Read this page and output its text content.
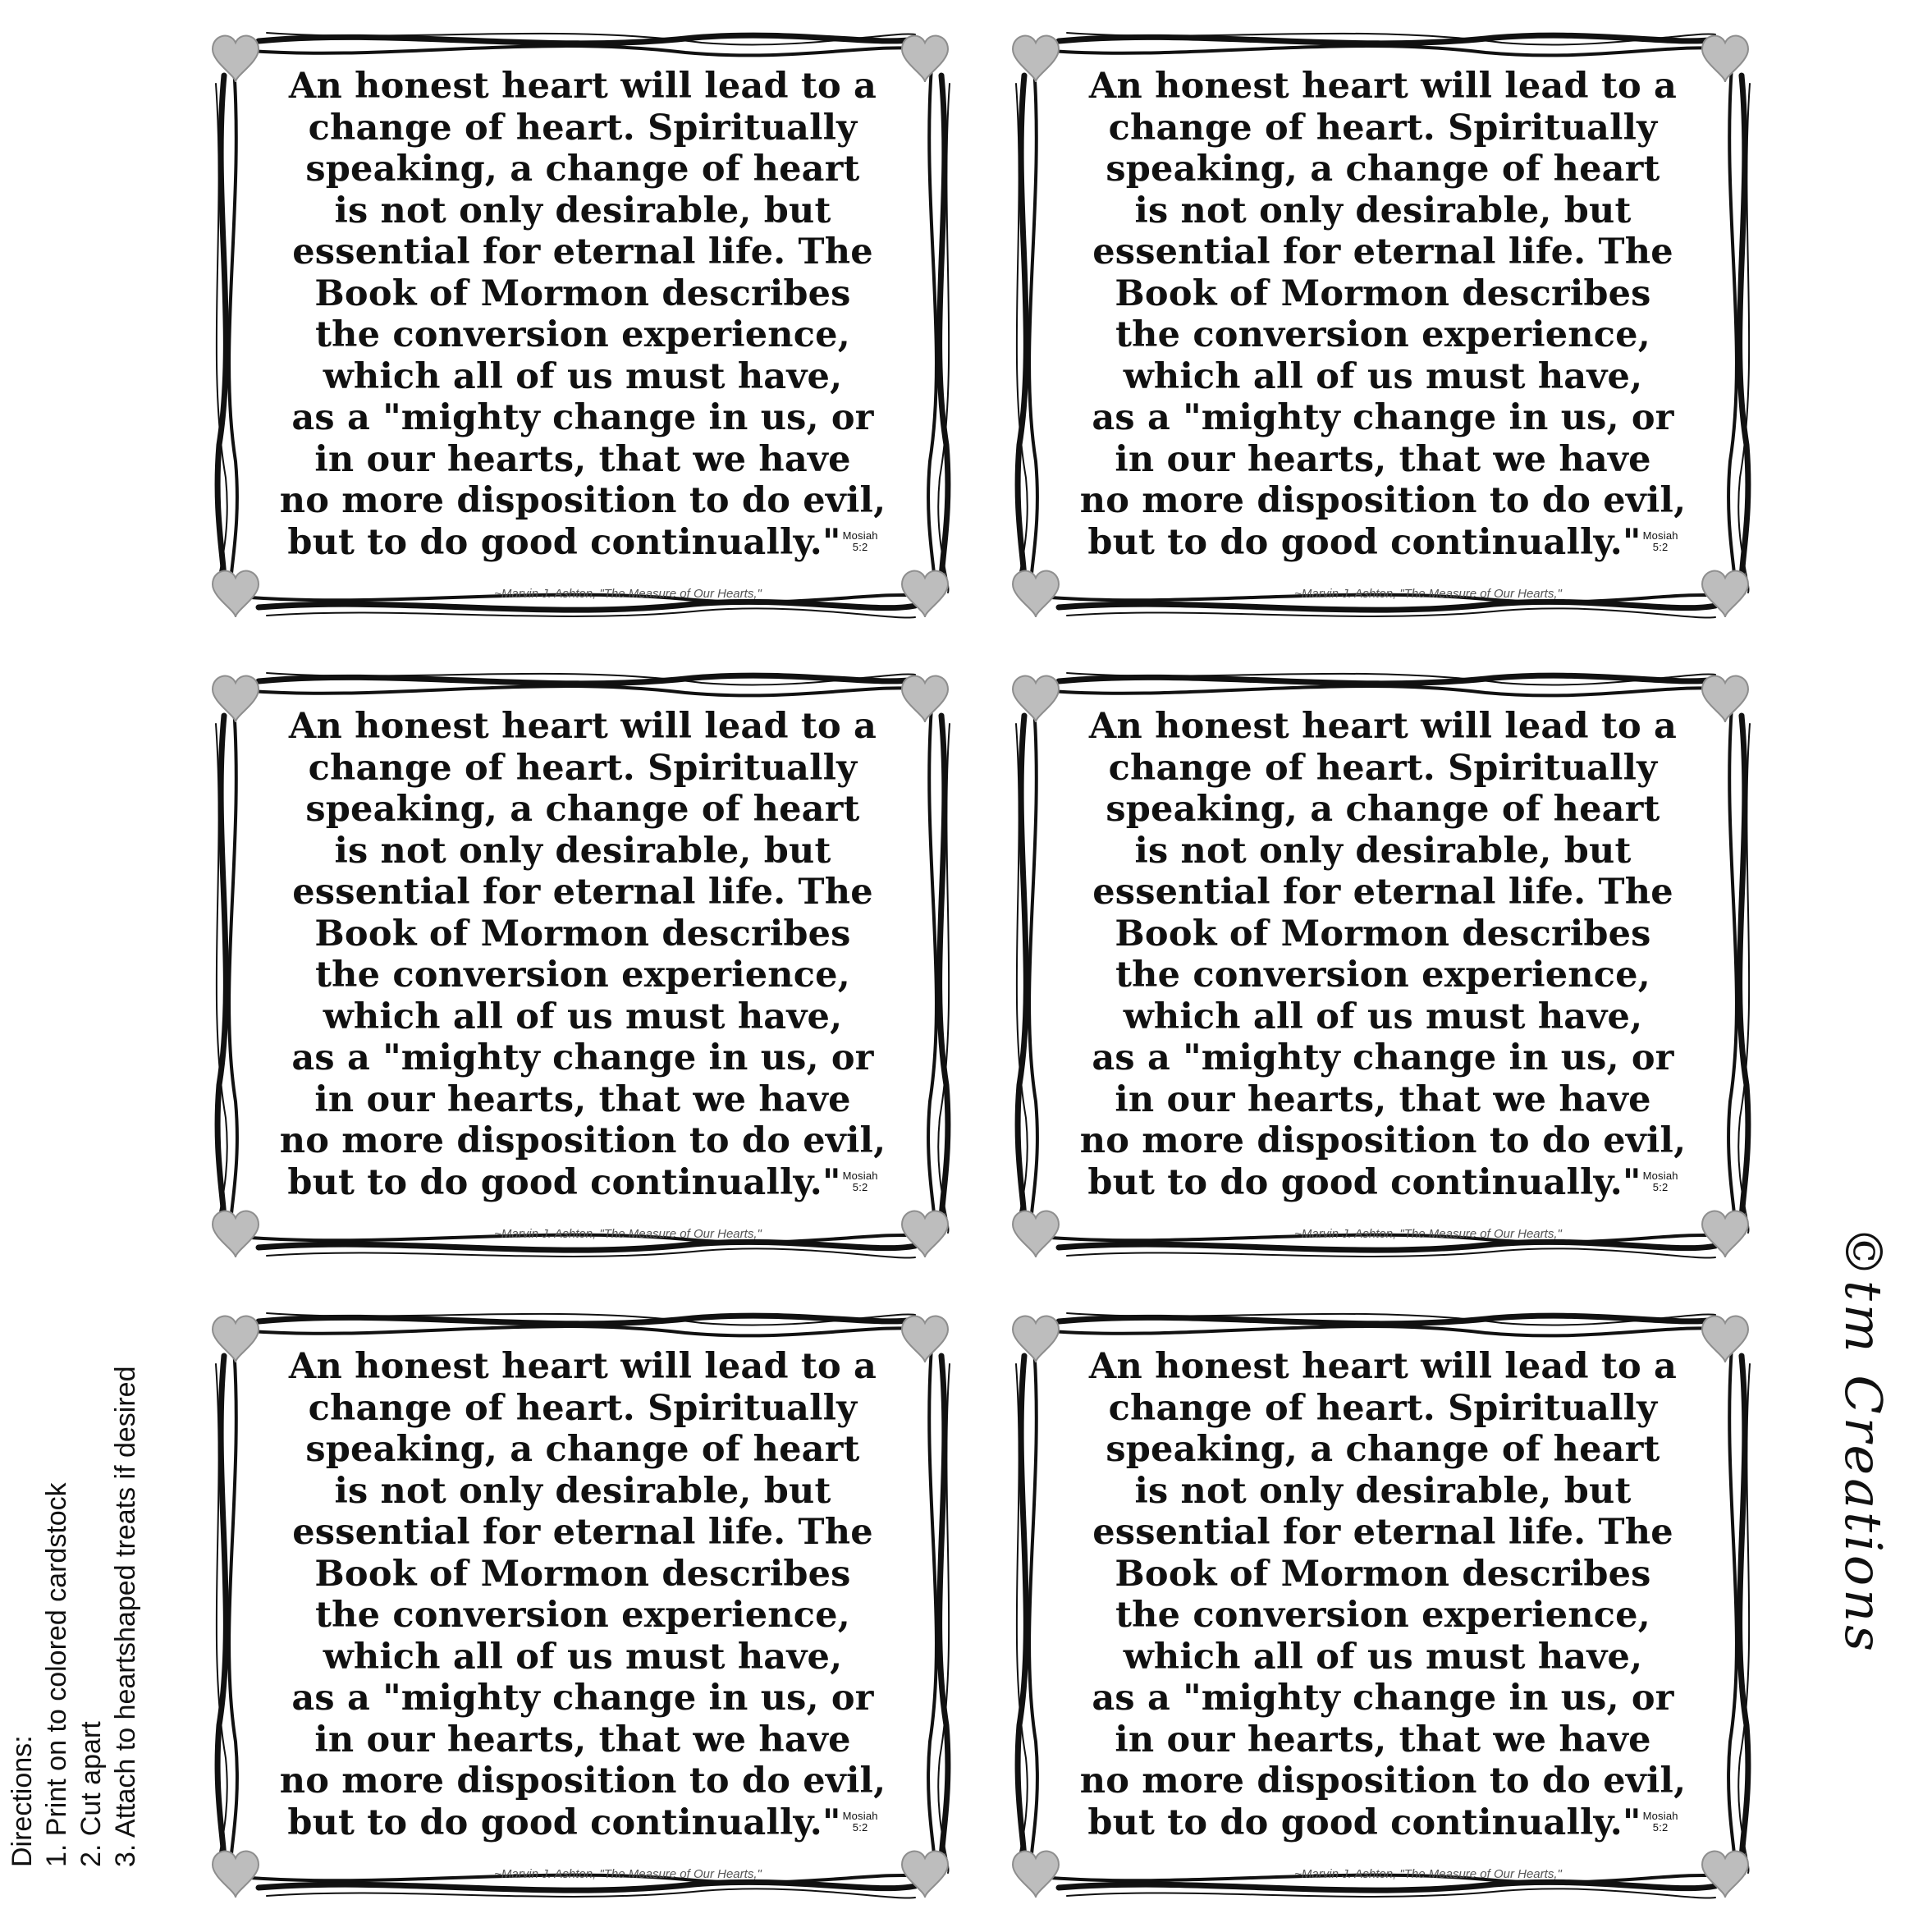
An honest heart will lead to a
change of heart. Spiritually
speaking, a change of heart
is not only desirable, but
essential for eternal life. The
Book of Mormon describes
the conversion experience,
which all of us must have,
as a "mighty change in us, or
in our hearts, that we have
no more disposition to do evil,
but to do good continually." Mosiah
5:2
~Marvin J. Ashton, "The Measure of Our Hearts,"
An honest heart will lead to a
change of heart. Spiritually
speaking, a change of heart
is not only desirable, but
essential for eternal life. The
Book of Mormon describes
the conversion experience,
which all of us must have,
as a "mighty change in us, or
in our hearts, that we have
no more disposition to do evil,
but to do good continually." Mosiah
5:2
~Marvin J. Ashton, "The Measure of Our Hearts,"
An honest heart will lead to a
change of heart. Spiritually
speaking, a change of heart
is not only desirable, but
essential for eternal life. The
Book of Mormon describes
the conversion experience,
which all of us must have,
as a "mighty change in us, or
in our hearts, that we have
no more disposition to do evil,
but to do good continually." Mosiah
5:2
~Marvin J. Ashton, "The Measure of Our Hearts,"
An honest heart will lead to a
change of heart. Spiritually
speaking, a change of heart
is not only desirable, but
essential for eternal life. The
Book of Mormon describes
the conversion experience,
which all of us must have,
as a "mighty change in us, or
in our hearts, that we have
no more disposition to do evil,
but to do good continually." Mosiah
5:2
~Marvin J. Ashton, "The Measure of Our Hearts,"
An honest heart will lead to a
change of heart. Spiritually
speaking, a change of heart
is not only desirable, but
essential for eternal life. The
Book of Mormon describes
the conversion experience,
which all of us must have,
as a "mighty change in us, or
in our hearts, that we have
no more disposition to do evil,
but to do good continually." Mosiah
5:2
~Marvin J. Ashton, "The Measure of Our Hearts,"
An honest heart will lead to a
change of heart. Spiritually
speaking, a change of heart
is not only desirable, but
essential for eternal life. The
Book of Mormon describes
the conversion experience,
which all of us must have,
as a "mighty change in us, or
in our hearts, that we have
no more disposition to do evil,
but to do good continually." Mosiah
5:2
~Marvin J. Ashton, "The Measure of Our Hearts,"
Directions: 1. Print on to colored cardstock 2. Cut apart 3. Attach to heartshaped treats if desired	©tm Creations
